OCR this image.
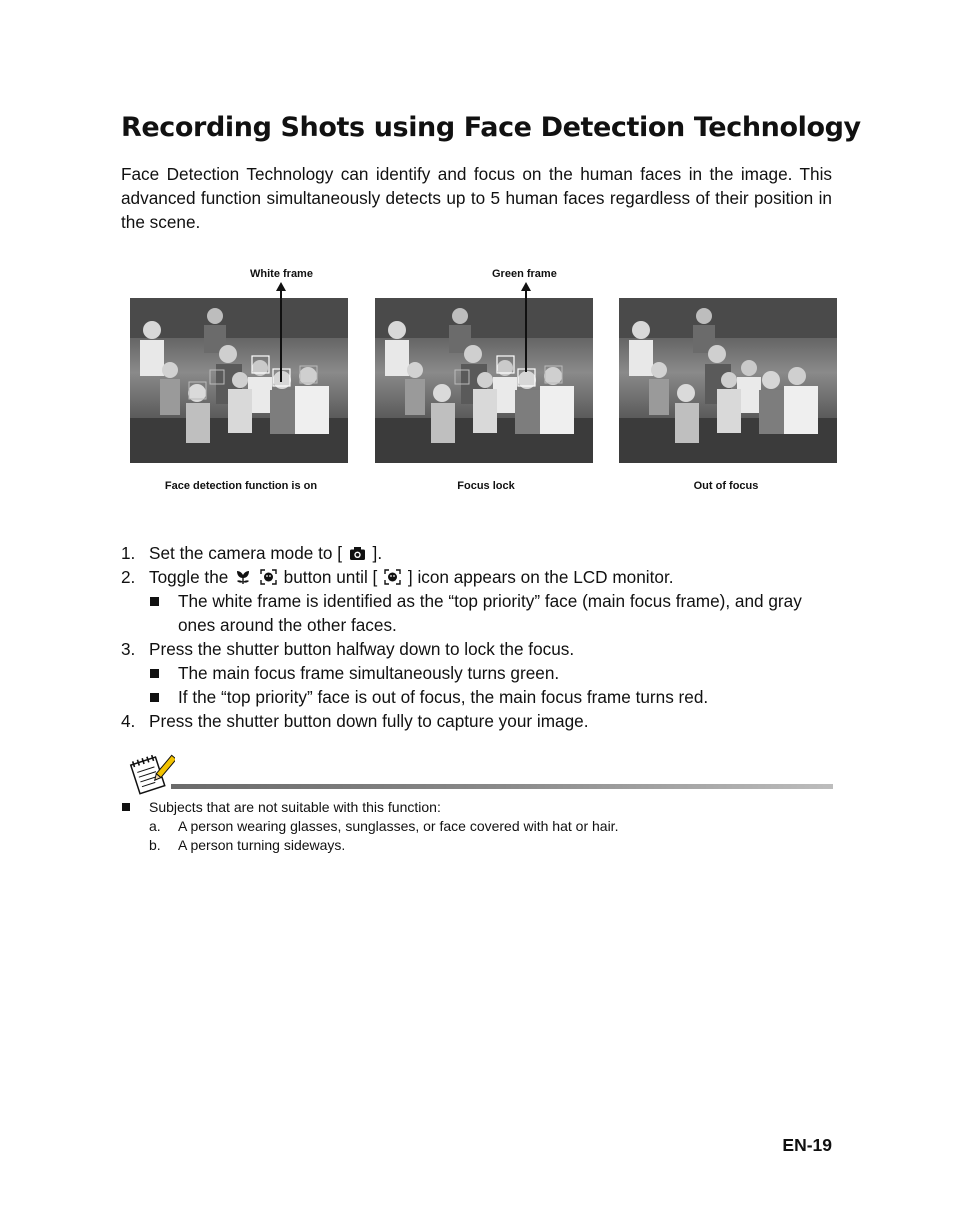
Recording Shots using Face Detection Technology

Face Detection Technology can identify and focus on the human faces in the image. This advanced function simultaneously detects up to 5 human faces regardless of their position in the scene.

White frame	Green frame
Face detection function is on	Focus lock	Out of focus
1. Set the camera mode to [ ].
2. Toggle the	button until [ ] icon appears on the LCD monitor.
The white frame is identified as the “top priority” face (main focus frame), and gray ones around the other faces.
3. Press the shutter button halfway down to lock the focus.
The main focus frame simultaneously turns green.
If the “top priority” face is out of focus, the main focus frame turns red.
4. Press the shutter button down fully to capture your image.
Subjects that are not suitable with this function:
a. A person wearing glasses, sunglasses, or face covered with hat or hair.
b. A person turning sideways.
EN-19
